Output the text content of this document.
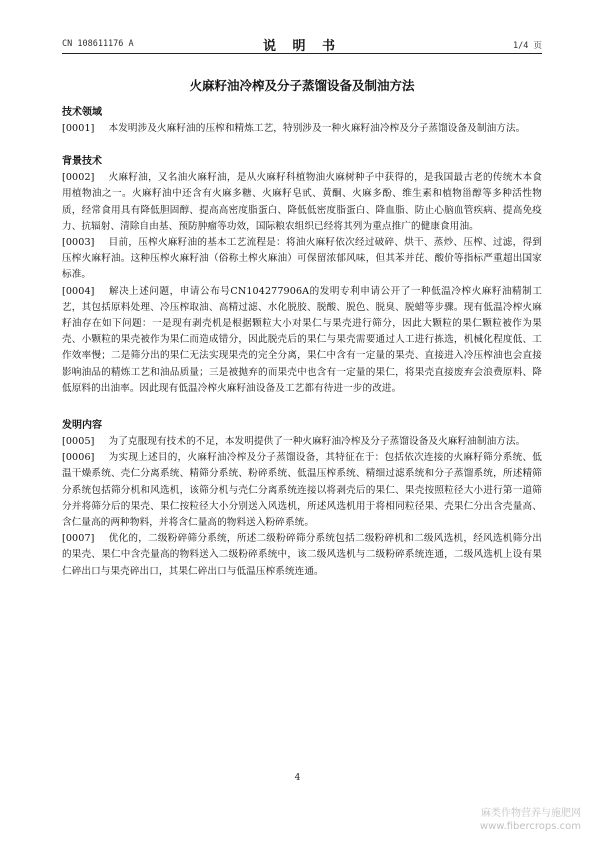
CN 108611176 A	说 明 书	1/4 页
火麻籽油冷榨及分子蒸馏设备及制油方法
技术领域

[0001] 本发明涉及火麻籽油的压榨和精炼工艺，特别涉及一种火麻籽油冷榨及分子蒸馏设备及制油方法。

背景技术

[0002] 火麻籽油，又名油火麻籽油，是从火麻籽科植物油火麻树种子中获得的，是我国最古老的传统木本食用植物油之一。火麻籽油中还含有火麻多糖、火麻籽皂甙、黄酮、火麻多酚、维生素和植物甾醇等多种活性物质，经常食用具有降低胆固醇、提高高密度脂蛋白、降低低密度脂蛋白、降血脂、防止心脑血管疾病、提高免疫力、抗辐射、清除自由基、预防肿瘤等功效，国际粮农组织已经将其列为重点推广的健康食用油。

[0003] 目前，压榨火麻籽油的基本工艺流程是：将油火麻籽依次经过破碎、烘干、蒸炒、压榨、过滤，得到压榨火麻籽油。这种压榨火麻籽油（俗称土榨火麻油）可保留浓郁风味，但其苯并芘、酸价等指标严重超出国家标准。

[0004] 解决上述问题，申请公布号CN104277906A的发明专利申请公开了一种低温冷榨火麻籽油精制工艺，其包括原料处理、冷压榨取油、高精过滤、水化脱胶、脱酸、脱色、脱臭、脱蜡等步骤。现有低温冷榨火麻籽油存在如下问题：一是现有剥壳机是根据颗粒大小对果仁与果壳进行筛分，因此大颗粒的果仁颗粒被作为果壳、小颗粒的果壳被作为果仁而造成错分，因此脱壳后的果仁与果壳需要通过人工进行拣选，机械化程度低、工作效率慢；二是筛分出的果仁无法实现果壳的完全分离，果仁中含有一定量的果壳、直接进入冷压榨油也会直接影响油品的精炼工艺和油品质量；三是被抛弃的而果壳中也含有一定量的果仁，将果壳直接废弃会浪费原料、降低原料的出油率。因此现有低温冷榨火麻籽油设备及工艺都有待进一步的改进。

发明内容

[0005] 为了克服现有技术的不足，本发明提供了一种火麻籽油冷榨及分子蒸馏设备及火麻籽油制油方法。

[0006] 为实现上述目的，火麻籽油冷榨及分子蒸馏设备，其特征在于：包括依次连接的火麻籽筛分系统、低温干燥系统、壳仁分离系统、精筛分系统、粉碎系统、低温压榨系统、精细过滤系统和分子蒸馏系统，所述精筛分系统包括筛分机和风选机，该筛分机与壳仁分离系统连接以将剥壳后的果仁、果壳按照粒径大小进行第一道筛分并将筛分后的果壳、果仁按粒径大小分别送入风选机，所述风选机用于将相同粒径果、壳果仁分出含壳量高、含仁量高的两种物料，并将含仁量高的物料送入粉碎系统。

[0007] 优化的，二级粉碎筛分系统，所述二级粉碎筛分系统包括二级粉碎机和二级风选机，经风选机筛分出的果壳、果仁中含壳量高的物料送入二级粉碎系统中，该二级风选机与二级粉碎系统连通，二级风选机上设有果仁碎出口与果壳碎出口，其果仁碎出口与低温压榨系统连通。

4
麻类作物营养与施肥网
www.fibercrops.com
